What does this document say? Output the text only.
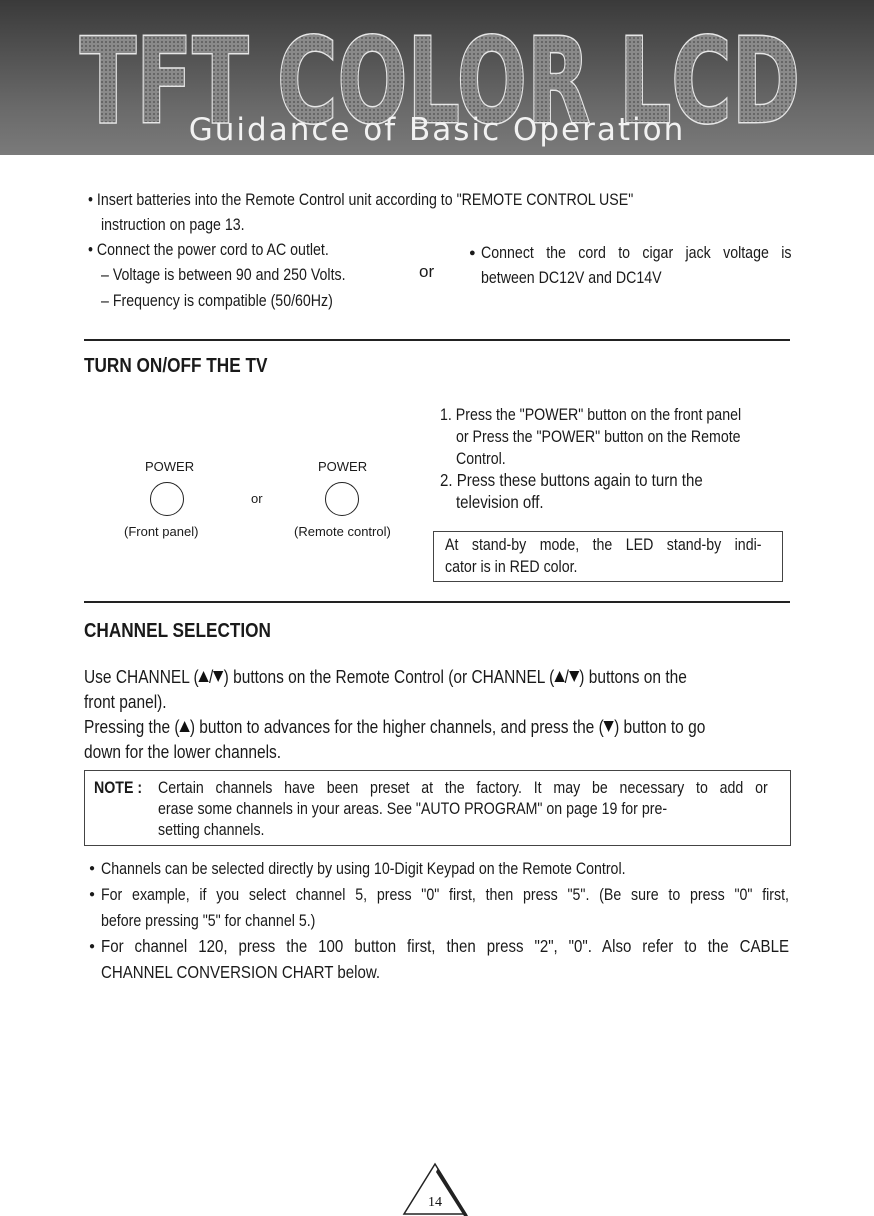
TFT COLOR LCD
Guidance of Basic Operation
• Insert batteries into the Remote Control unit according to "REMOTE CONTROL USE"
instruction on page 13.
• Connect the power cord to AC outlet.
– Voltage is between 90 and 250 Volts.
– Frequency is compatible (50/60Hz)
or
● Connect the cord to cigar jack voltage is
between DC12V and DC14V
TURN ON/OFF THE TV
POWER	POWER
or
(Front panel)	(Remote control)
1. Press the "POWER" button on the front panel
or Press the "POWER" button on the Remote
Control.
2. Press these buttons again to turn the
television off.
At stand-by mode, the LED stand-by indi-
cator is in RED color.
CHANNEL SELECTION
Use CHANNEL ( / ) buttons on the Remote Control (or CHANNEL ( / ) buttons on the
front panel).
Pressing the ( ) button to advances for the higher channels, and press the ( ) button to go
down for the lower channels.
NOTE : Certain channels have been preset at the factory. It may be necessary to add or
erase some channels in your areas. See "AUTO PROGRAM" on page 19 for pre-
setting channels.
● Channels can be selected directly by using 10-Digit Keypad on the Remote Control.
● For example, if you select channel 5, press "0" first, then press "5". (Be sure to press "0" first,
before pressing "5" for channel 5.)
● For channel 120, press the 100 button first, then press "2", "0". Also refer to the CABLE
CHANNEL CONVERSION CHART below.
14
